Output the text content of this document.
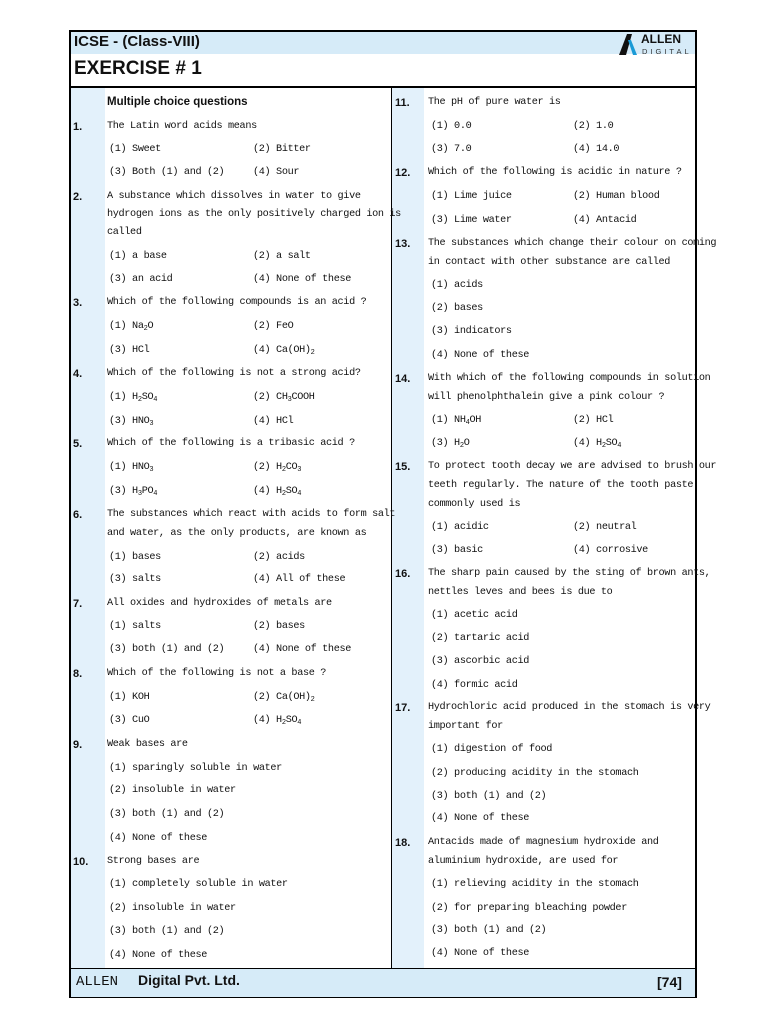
ICSE - (Class-VIII)	ALLEN
DIGITAL
EXERCISE # 1
Multiple choice questions
1. The Latin word acids means
(1) Sweet	(2) Bitter
(3) Both (1) and (2)	(4) Sour
2. A substance which dissolves in water to give
hydrogen ions as the only positively charged ion is
called
(1) a base	(2) a salt
(3) an acid	(4) None of these
3. Which of the following compounds is an acid ?
(1) $Na_2O$	(2) FeO
(3) HCl	(4) $Ca(OH)_2$
4. Which of the following is not a strong acid?
(1) $H_2SO_4$	(2) $CH_3COOH$
(3) $HNO_3$	(4) HCl
5. Which of the following is a tribasic acid ?
(1) $HNO_3$	(2) $H_2CO_3$
(3) $H_3PO_4$	(4) $H_2SO_4$
6. The substances which react with acids to form salt
and water, as the only products, are known as
(1) bases	(2) acids
(3) salts	(4) All of these
7. All oxides and hydroxides of metals are
(1) salts	(2) bases
(3) both (1) and (2)	(4) None of these
8. Which of the following is not a base ?
(1) KOH	(2) $Ca(OH)_2$
(3) CuO	(4) $H_2SO_4$
9. Weak bases are
(1) sparingly soluble in water
(2) insoluble in water
(3) both (1) and (2)
(4) None of these
10. Strong bases are
(1) completely soluble in water
(2) insoluble in water
(3) both (1) and (2)
(4) None of these
11. The pH of pure water is
(1) 0.0	(2) 1.0
(3) 7.0	(4) 14.0
12. Which of the following is acidic in nature ?
(1) Lime juice	(2) Human blood
(3) Lime water	(4) Antacid
13. The substances which change their colour on coming
in contact with other substance are called
(1) acids
(2) bases
(3) indicators
(4) None of these
14. With which of the following compounds in solution
will phenolphthalein give a pink colour ?
(1) $NH_4OH$	(2) HCl
(3) $H_2O$	(4) $H_2SO_4$
15. To protect tooth decay we are advised to brush our
teeth regularly. The nature of the tooth paste
commonly used is
(1) acidic	(2) neutral
(3) basic	(4) corrosive
16. The sharp pain caused by the sting of brown ants,
nettles leves and bees is due to
(1) acetic acid
(2) tartaric acid
(3) ascorbic acid
(4) formic acid
17. Hydrochloric acid produced in the stomach is very
important for
(1) digestion of food
(2) producing acidity in the stomach
(3) both (1) and (2)
(4) None of these
18. Antacids made of magnesium hydroxide and
aluminium hydroxide, are used for
(1) relieving acidity in the stomach
(2) for preparing bleaching powder
(3) both (1) and (2)
(4) None of these
ALLEN Digital Pvt. Ltd.	[74]
